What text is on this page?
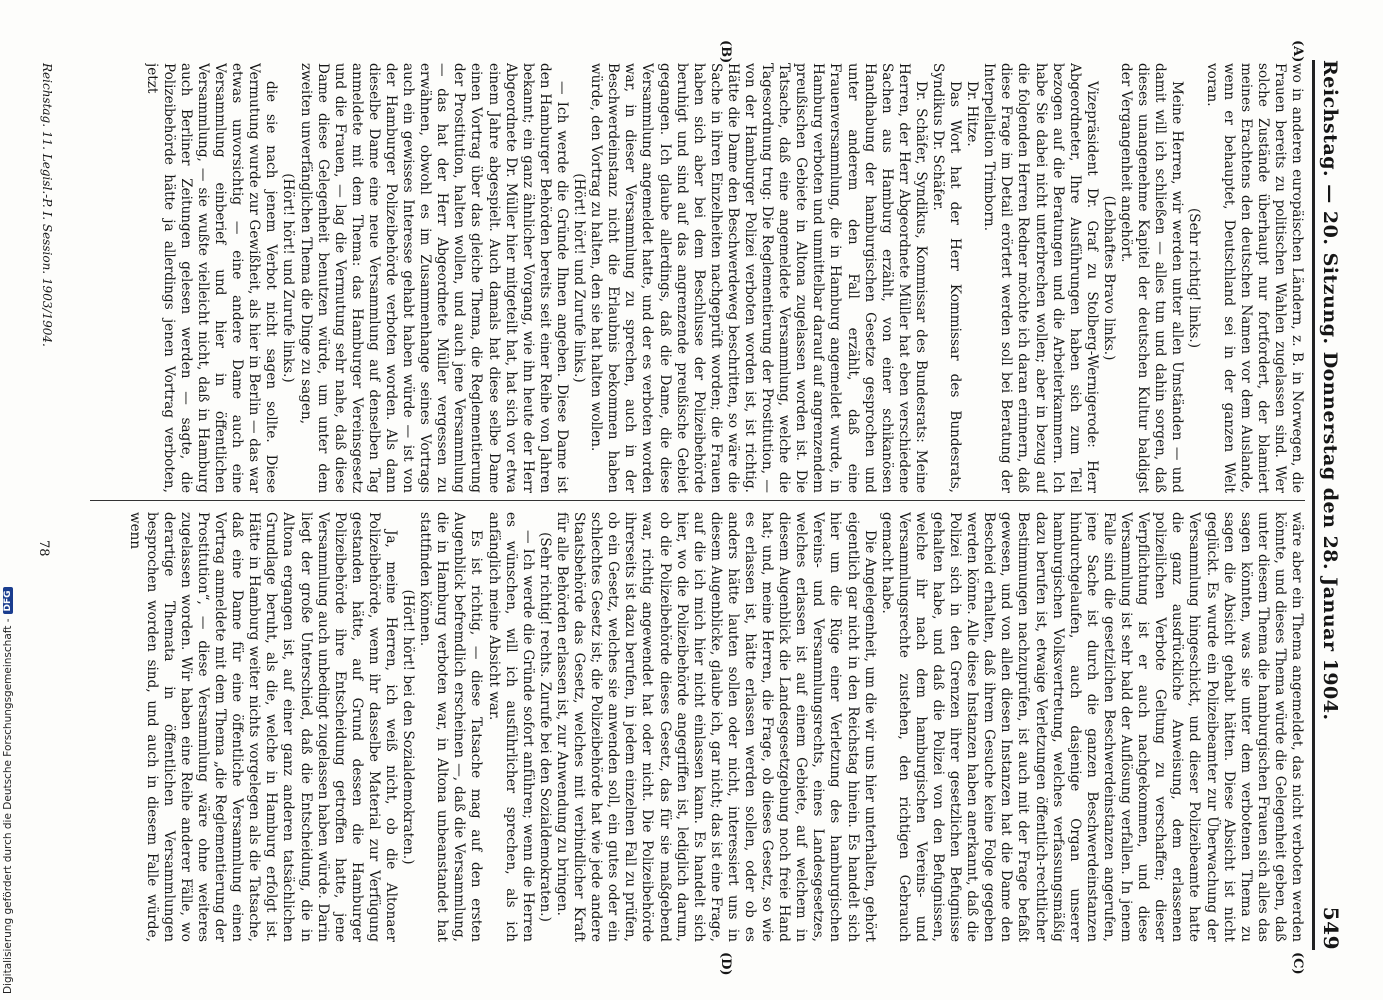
Reichstag. — 20. Sitzung. Donnerstag den 28. Januar 1904.
549
(A)
(B)
(C)
(D)

wo in anderen europäischen Ländern, z. B. in Norwegen, die Frauen bereits zu politischen Wahlen zugelassen sind. Wer solche Zustände überhaupt nur fortfordert, der blamiert meines Erachtens den deutschen Namen vor dem Auslande, wenn er behauptet, Deutschland sei in der ganzen Welt voran.

(Sehr richtig! links.)

Meine Herren, wir werden unter allen Umständen — und damit will ich schließen — alles tun und dahin sorgen, daß dieses unangenehme Kapitel der deutschen Kultur baldigst der Vergangenheit angehört.

(Lebhaftes Bravo links.)

Vizepräsident Dr. Graf zu Stolberg-Wernigerode: Herr Abgeordneter, Ihre Ausführungen haben sich zum Teil bezogen auf die Beratungen und die Arbeiterkammern. Ich habe Sie dabei nicht unterbrechen wollen; aber in bezug auf die folgenden Herren Redner möchte ich daran erinnern, daß diese Frage im Detail erörtert werden soll bei Beratung der Interpellation Trimborn.

Dr. Hitze.

Das Wort hat der Herr Kommissar des Bundesrats, Syndikus Dr. Schäfer.

Dr. Schäfer, Syndikus, Kommissar des Bundesrats: Meine Herren, der Herr Abgeordnete Müller hat eben verschiedene Sachen aus Hamburg erzählt, von einer schikanösen Handhabung der hamburgischen Gesetze gesprochen und unter anderem den Fall erzählt, daß eine Frauenversammlung, die in Hamburg angemeldet wurde, in Hamburg verboten und unmittelbar darauf auf angrenzendem preußischen Gebiete in Altona zugelassen worden ist. Die Tatsache, daß eine angemeldete Versammlung, welche die Tagesordnung trug: Die Reglementierung der Prostitution, — von der Hamburger Polizei verboten worden ist, ist richtig. Hätte die Dame den Beschwerdeweg beschritten, so wäre die Sache in ihren Einzelheiten nachgeprüft worden; die Frauen haben sich aber bei dem Beschlusse der Polizeibehörde beruhigt und sind auf das angrenzende preußische Gebiet gegangen. Ich glaube allerdings, daß die Dame, die diese Versammlung angemeldet hatte, und der es verboten worden war, in dieser Versammlung zu sprechen, auch in der Beschwerdeinstanz nicht die Erlaubnis bekommen haben würde, den Vortrag zu halten, den sie hat halten wollen.

(Hört! hört! und Zurufe links.)

— Ich werde die Gründe Ihnen angeben. Diese Dame ist den Hamburger Behörden bereits seit einer Reihe von Jahren bekannt; ein ganz ähnlicher Vorgang, wie ihn heute der Herr Abgeordnete Dr. Müller hier mitgeteilt hat, hat sich vor etwa einem Jahre abgespielt. Auch damals hat diese selbe Dame einen Vortrag über das gleiche Thema, die Reglementierung der Prostitution, halten wollen, und auch jene Versammlung — das hat der Herr Abgeordnete Müller vergessen zu erwähnen, obwohl es im Zusammenhange seines Vortrags auch ein gewisses Interesse gehabt haben würde — ist von der Hamburger Polizeibehörde verboten worden. Als dann dieselbe Dame eine neue Versammlung auf denselben Tag anmeldete mit dem Thema: das Hamburger Vereinsgesetz und die Frauen, — lag die Vermutung sehr nahe, daß diese Dame diese Gelegenheit benutzen würde, um unter dem zweiten unverfänglichen Thema die Dinge zu sagen,

(Hört! hört! und Zurufe links.)

die sie nach jenem Verbot nicht sagen sollte. Diese Vermutung wurde zur Gewißheit, als hier in Berlin — das war etwas unvorsichtig — eine andere Dame auch eine Versammlung einberief und hier in öffentlichen Versammlung, — sie wußte vielleicht nicht, daß in Hamburg auch Berliner Zeitungen gelesen werden — sagte, die Polizeibehörde hätte ja allerdings jenen Vortrag verboten, jetzt

wäre aber ein Thema angemeldet, das nicht verboten werden könnte, und dieses Thema würde die Gelegenheit geben, daß unter diesem Thema die hamburgischen Frauen sich alles das sagen könnten, was sie unter dem verbotenen Thema zu sagen die Absicht gehabt hätten. Diese Absicht ist nicht geglückt. Es wurde ein Polizeibeamter zur Überwachung der Versammlung hingeschickt, und dieser Polizeibeamte hatte die ganz ausdrückliche Anweisung, dem erlassenen polizeilichen Verbote Geltung zu verschaffen; dieser Verpflichtung ist er auch nachgekommen, und diese Versammlung ist sehr bald der Auflösung verfallen. In jenem Falle sind die gesetzlichen Beschwerdeinstanzen angerufen, jene Sache ist durch die ganzen Beschwerdeinstanzen hindurchgelaufen, auch dasjenige Organ unserer hamburgischen Volksvertretung, welches verfassungsmäßig dazu berufen ist, etwaige Verletzungen öffentlich-rechtlicher Bestimmungen nachzuprüfen, ist auch mit der Frage befaßt gewesen, und von allen diesen Instanzen hat die Dame den Bescheid erhalten, daß ihrem Gesuche keine Folge gegeben werden könne. Alle diese Instanzen haben anerkannt, daß die Polizei sich in den Grenzen ihrer gesetzlichen Befugnisse gehalten habe, und daß die Polizei von den Befugnissen, welche ihr nach dem hamburgischen Vereins- und Versammlungsrechte zustehen, den richtigen Gebrauch gemacht habe.

Die Angelegenheit, um die wir uns hier unterhalten, gehört eigentlich gar nicht in den Reichstag hinein. Es handelt sich hier um die Rüge einer Verletzung des hamburgischen Vereins- und Versammlungsrechts, eines Landesgesetzes, welches erlassen ist auf einem Gebiete, auf welchem in diesem Augenblick die Landesgesetzgebung noch freie Hand hat; und, meine Herren, die Frage, ob dieses Gesetz, so wie es erlassen ist, hätte erlassen werden sollen, oder ob es anders hätte lauten sollen oder nicht, interessiert uns in diesem Augenblicke, glaube ich, gar nicht; das ist eine Frage, auf die ich mich hier nicht einlassen kann. Es handelt sich hier, wo die Polizeibehörde angegriffen ist, lediglich darum, ob die Polizeibehörde dieses Gesetz, das für sie maßgebend war, richtig angewendet hat oder nicht. Die Polizeibehörde ihrerseits ist dazu berufen, in jedem einzelnen Fall zu prüfen, ob ein Gesetz, welches sie anwenden soll, ein gutes oder ein schlechtes Gesetz ist; die Polizeibehörde hat wie jede andere Staatsbehörde das Gesetz, welches mit verbindlicher Kraft für alle Behörden erlassen ist, zur Anwendung zu bringen.

(Sehr richtig! rechts. Zurufe bei den Sozialdemokraten.)

— Ich werde die Gründe sofort anführen; wenn die Herren es wünschen, will ich ausführlicher sprechen, als ich anfänglich meine Absicht war.

Es ist richtig, — diese Tatsache mag auf den ersten Augenblick befremdlich erscheinen —, daß die Versammlung, die in Hamburg verboten war, in Altona unbeanstandet hat stattfinden können.

(Hört! hört! bei den Sozialdemokraten.)

Ja, meine Herren, ich weiß nicht, ob die Altonaer Polizeibehörde, wenn ihr dasselbe Material zur Verfügung gestanden hätte, auf Grund dessen die Hamburger Polizeibehörde ihre Entscheidung getroffen hatte, jene Versammlung auch unbedingt zugelassen haben würde. Darin liegt der große Unterschied, daß die Entscheidung, die in Altona ergangen ist, auf einer ganz anderen tatsächlichen Grundlage beruht, als die, welche in Hamburg erfolgt ist. Hätte in Hamburg weiter nichts vorgelegen als die Tatsache, daß eine Dame für eine öffentliche Versammlung einen Vortrag anmeldete mit dem Thema „die Reglementierung der Prostitution“, — diese Versammlung wäre ohne weiteres zugelassen worden. Wir haben eine Reihe anderer Fälle, wo derartige Themata in öffentlichen Versammlungen besprochen worden sind, und auch in diesem Falle würde, wenn

Reichstag. 11. Legisl.-P. I. Session. 1903/1904.
78
Digitalisierung gefördert durch die Deutsche Forschungsgemeinschaft -
DFG
